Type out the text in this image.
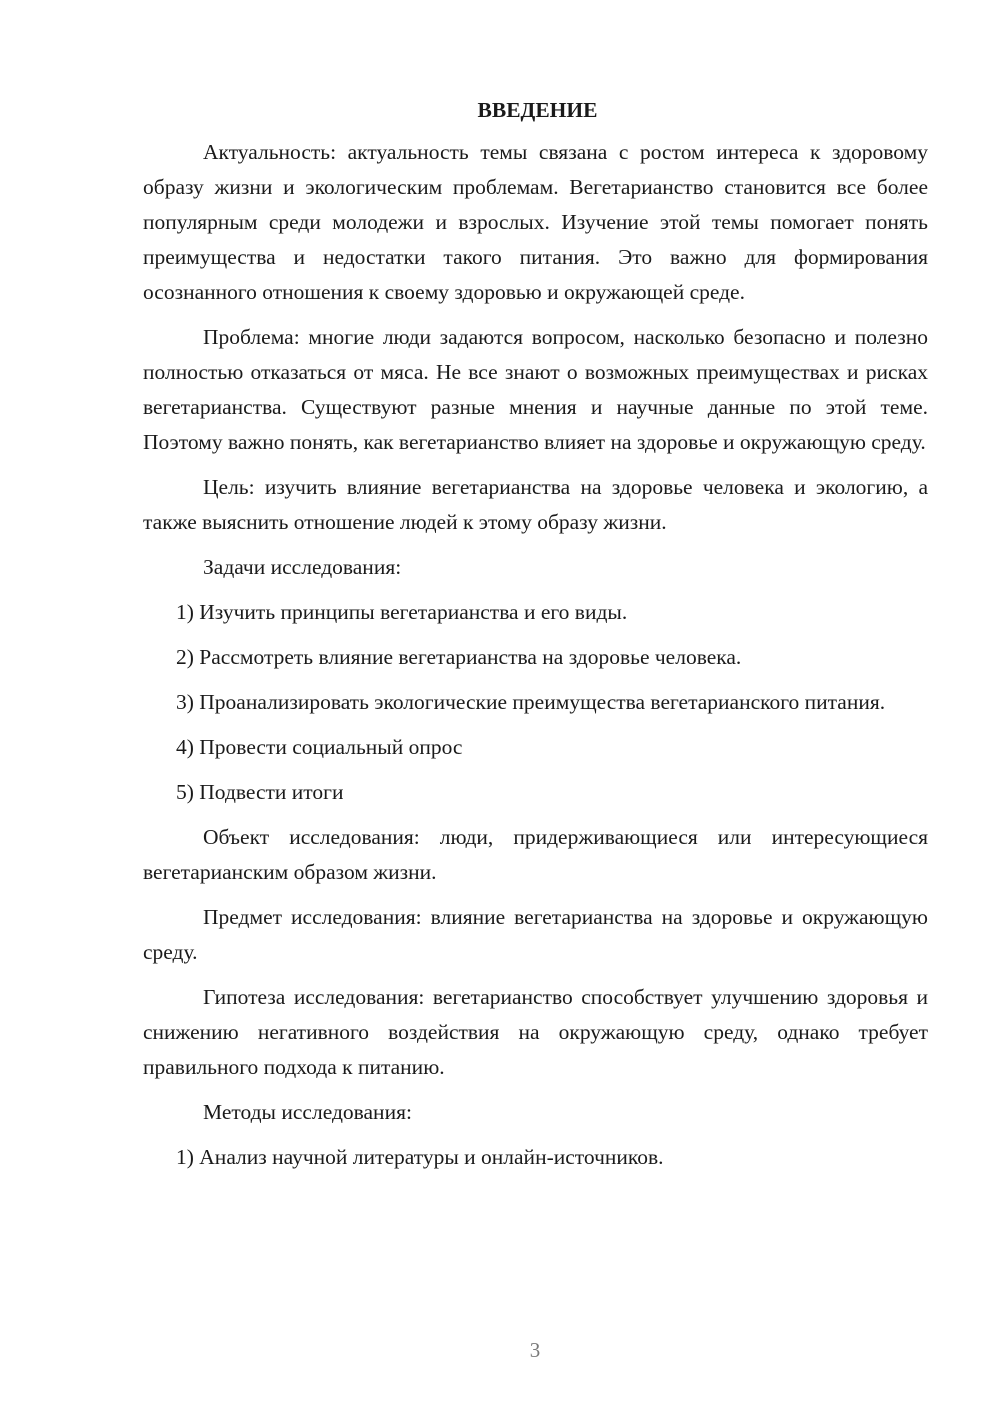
ВВЕДЕНИЕ

Актуальность: актуальность темы связана с ростом интереса к здоровому образу жизни и экологическим проблемам. Вегетарианство становится все более популярным среди молодежи и взрослых. Изучение этой темы помогает понять преимущества и недостатки такого питания. Это важно для формирования осознанного отношения к своему здоровью и окружающей среде.

Проблема: многие люди задаются вопросом, насколько безопасно и полезно полностью отказаться от мяса. Не все знают о возможных преимуществах и рисках вегетарианства. Существуют разные мнения и научные данные по этой теме. Поэтому важно понять, как вегетарианство влияет на здоровье и окружающую среду.

Цель: изучить влияние вегетарианства на здоровье человека и экологию, а также выяснить отношение людей к этому образу жизни.

Задачи исследования:

1) Изучить принципы вегетарианства и его виды.

2) Рассмотреть влияние вегетарианства на здоровье человека.

3) Проанализировать экологические преимущества вегетарианского питания.

4) Провести социальный опрос

5) Подвести итоги

Объект исследования: люди, придерживающиеся или интересующиеся вегетарианским образом жизни.

Предмет исследования: влияние вегетарианства на здоровье и окружающую среду.

Гипотеза исследования: вегетарианство способствует улучшению здоровья и снижению негативного воздействия на окружающую среду, однако требует правильного подхода к питанию.

Методы исследования:

1) Анализ научной литературы и онлайн-источников.

3
